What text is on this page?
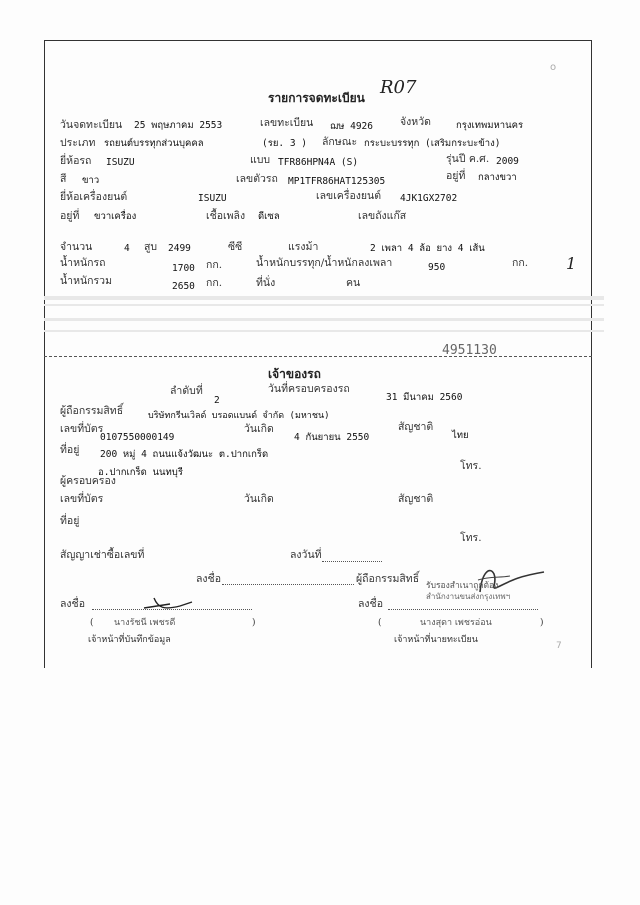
o
รายการจดทะเบียน R07
วันจดทะเบียน 25 พฤษภาคม 2553	เลขทะเบียน ฌษ 4926	จังหวัด	กรุงเทพมหานคร
ประเภท รถยนต์บรรทุกส่วนบุคคล	(รย. 3 ) ลักษณะ กระบะบรรทุก (เสริมกระบะข้าง)
ยี่ห้อรถ ISUZU	แบบ TFR86HPN4A (S)	รุ่นปี ค.ศ. 2009
สี ขาว	เลขตัวรถ MP1TFR86HAT125305	อยู่ที่ กลางขวา
ยี่ห้อเครื่องยนต์	ISUZU	เลขเครื่องยนต์ 4JK1GX2702
อยู่ที่ ขวาเครื่อง	เชื้อเพลิง ดีเซล	เลขถังแก๊ส
จำนวน	4 สูบ 2499	ซีซี	แรงม้า	2 เพลา 4 ล้อ ยาง 4 เส้น
น้ำหนักรถ	1700 กก.	น้ำหนักบรรทุก/น้ำหนักลงเพลา	950	กก. 1
น้ำหนักรวม	2650 กก.	ที่นั่ง	คน
4951130
เจ้าของรถ
ลำดับที่
2
วันที่ครอบครองรถ
31 มีนาคม 2560
ผู้ถือกรรมสิทธิ์	บริษัทกรีนเวิลด์ บรอดแบนด์ จำกัด (มหาชน)
เลขที่บัตร	วันเกิด	สัญชาติ
0107550000149	4 กันยายน 2550	ไทย
ที่อยู่ 200 หมู่ 4 ถนนแจ้งวัฒนะ ต.ปากเกร็ด
อ.ปากเกร็ด นนทบุรี
โทร.
ผู้ครอบครอง
เลขที่บัตร	วันเกิด	สัญชาติ
ที่อยู่
โทร.
สัญญาเช่าซื้อเลขที่	ลงวันที่
ลงชื่อ	ผู้ถือกรรมสิทธิ์
รับรองสำเนาถูกต้อง
สำนักงานขนส่งกรุงเทพฯ
ลงชื่อ
( นางรัชนี เพชรดี	)
เจ้าหน้าที่บันทึกข้อมูล
ลงชื่อ
(	นางสุดา เพชรอ่อน	)
เจ้าหน้าที่นายทะเบียน
7
